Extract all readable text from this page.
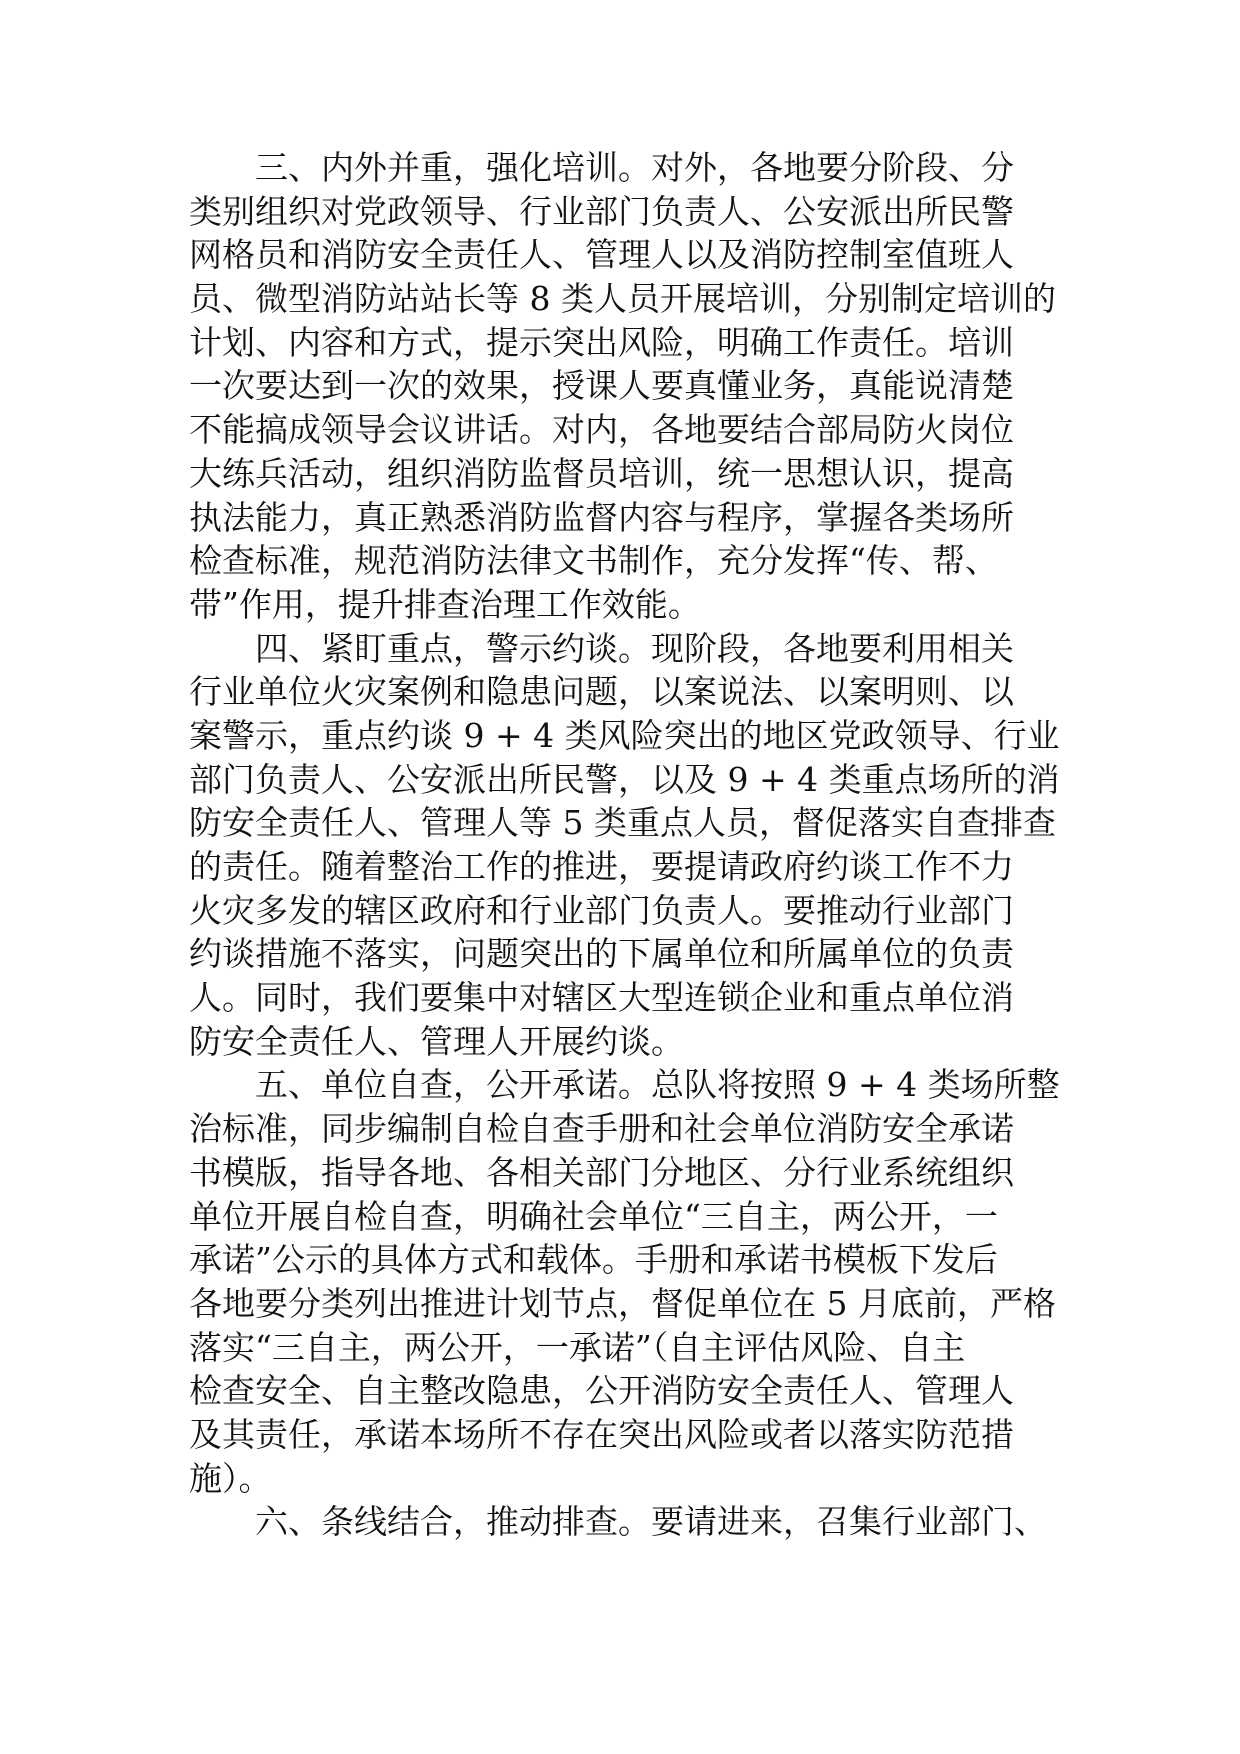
三、内外并重，强化培训。对外，各地要分阶段、分
类别组织对党政领导、行业部门负责人、公安派出所民警
网格员和消防安全责任人、管理人以及消防控制室值班人
员、微型消防站站长等 8 类人员开展培训，分别制定培训的
计划、内容和方式，提示突出风险，明确工作责任。培训
一次要达到一次的效果，授课人要真懂业务，真能说清楚
不能搞成领导会议讲话。对内，各地要结合部局防火岗位
大练兵活动，组织消防监督员培训，统一思想认识，提高
执法能力，真正熟悉消防监督内容与程序，掌握各类场所
检查标准，规范消防法律文书制作，充分发挥“传、帮、
带”作用，提升排查治理工作效能。
四、紧盯重点，警示约谈。现阶段，各地要利用相关
行业单位火灾案例和隐患问题，以案说法、以案明则、以
案警示，重点约谈 9 + 4 类风险突出的地区党政领导、行业
部门负责人、公安派出所民警，以及 9 + 4 类重点场所的消
防安全责任人、管理人等 5 类重点人员，督促落实自查排查
的责任。随着整治工作的推进，要提请政府约谈工作不力
火灾多发的辖区政府和行业部门负责人。要推动行业部门
约谈措施不落实，问题突出的下属单位和所属单位的负责
人。同时，我们要集中对辖区大型连锁企业和重点单位消
防安全责任人、管理人开展约谈。
五、单位自查，公开承诺。总队将按照 9 + 4 类场所整
治标准，同步编制自检自查手册和社会单位消防安全承诺
书模版，指导各地、各相关部门分地区、分行业系统组织
单位开展自检自查，明确社会单位“三自主，两公开，一
承诺”公示的具体方式和载体。手册和承诺书模板下发后
各地要分类列出推进计划节点，督促单位在 5 月底前，严格
落实“三自主，两公开，一承诺”（自主评估风险、自主
检查安全、自主整改隐患，公开消防安全责任人、管理人
及其责任，承诺本场所不存在突出风险或者以落实防范措
施）。
六、条线结合，推动排查。要请进来，召集行业部门、
